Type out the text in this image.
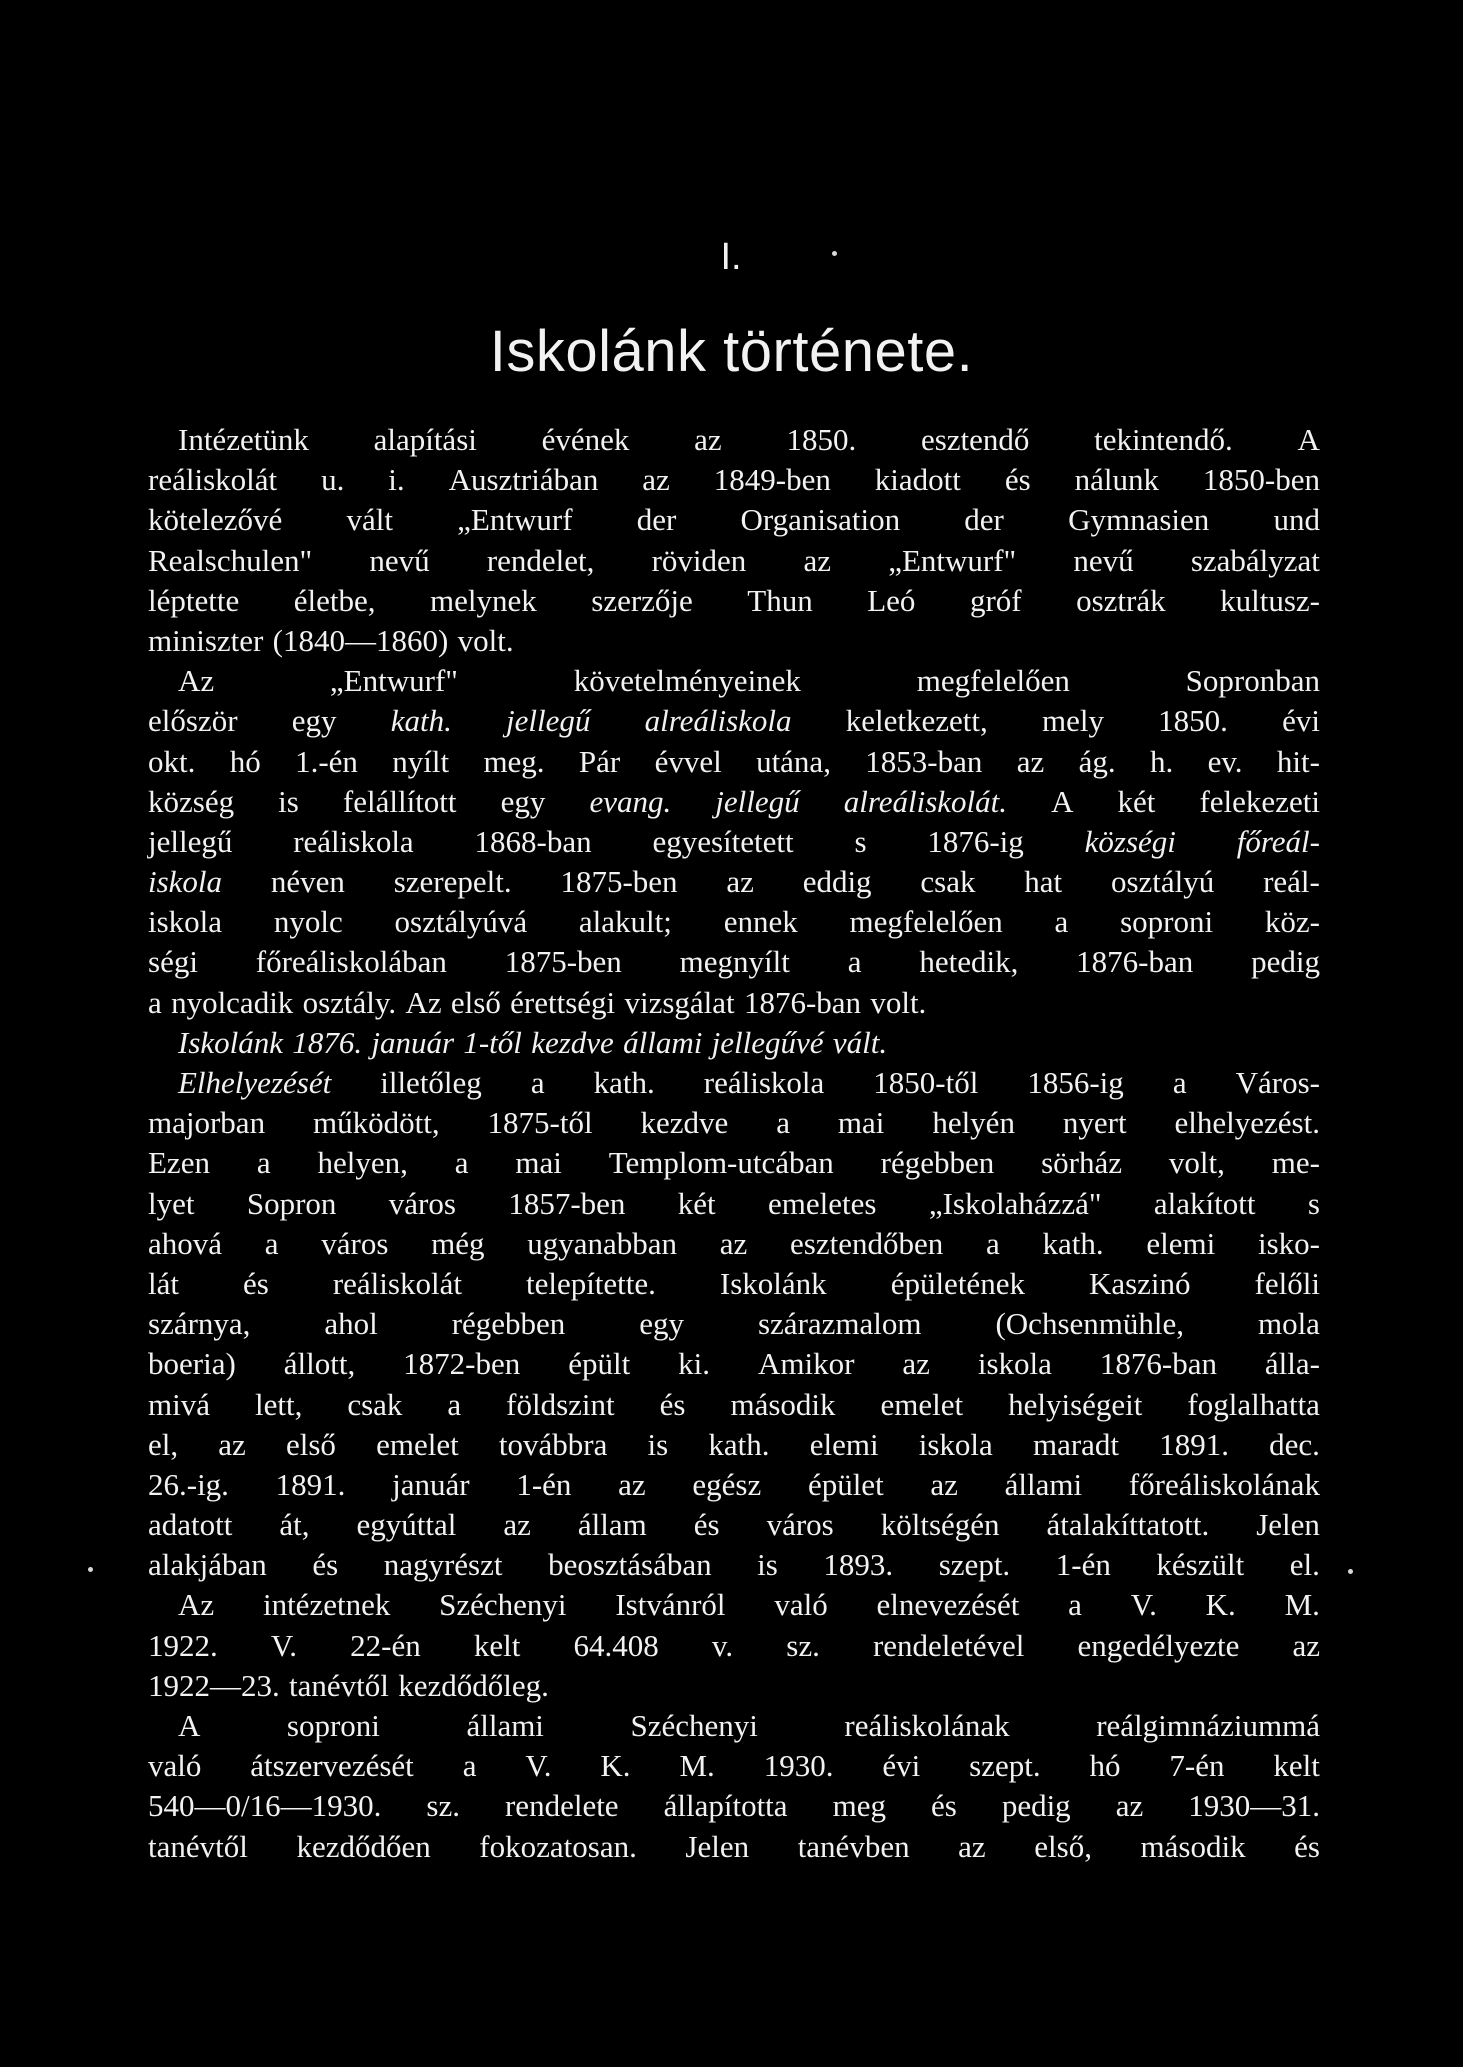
I.
Iskolánk története.
Intézetünk alapítási évének az 1850. esztendő tekintendő. A
reáliskolát u. i. Ausztriában az 1849-ben kiadott és nálunk 1850-ben
kötelezővé vált „Entwurf der Organisation der Gymnasien und
Realschulen" nevű rendelet, röviden az „Entwurf" nevű szabályzat
léptette életbe, melynek szerzője Thun Leó gróf osztrák kultusz-
miniszter (1840—1860) volt.
Az	„Entwurf"	követelményeinek	megfelelően	Sopronban
először egy kath. jellegű alreáliskola keletkezett, mely 1850. évi
okt. hó 1.-én nyílt meg. Pár évvel utána, 1853-ban az ág. h. ev. hit-
község is felállított egy evang. jellegű alreáliskolát. A két felekezeti
jellegű reáliskola 1868-ban egyesítetett s 1876-ig községi főreál-
iskola néven szerepelt. 1875-ben az eddig csak hat osztályú reál-
iskola nyolc osztályúvá alakult; ennek megfelelően a soproni köz-
ségi főreáliskolában 1875-ben megnyílt a hetedik, 1876-ban pedig
a nyolcadik osztály. Az első érettségi vizsgálat 1876-ban volt.
Iskolánk 1876. január 1-től kezdve állami jellegűvé vált.
Elhelyezését illetőleg a kath. reáliskola 1850-től 1856-ig a Város-
majorban működött, 1875-től kezdve a mai helyén nyert elhelyezést.
Ezen a helyen, a mai Templom-utcában régebben sörház volt, me-
lyet Sopron város 1857-ben két emeletes „Iskolaházzá" alakított s
ahová a város még ugyanabban az esztendőben a kath. elemi isko-
lát és reáliskolát telepítette. Iskolánk épületének Kaszinó felőli
szárnya, ahol régebben egy szárazmalom (Ochsenmühle, mola
boeria) állott, 1872-ben épült ki. Amikor az iskola 1876-ban álla-
mivá lett, csak a földszint és második emelet helyiségeit foglalhatta
el, az első emelet továbbra is kath. elemi iskola maradt 1891. dec.
26.-ig. 1891. január 1-én az egész épület az állami főreáliskolának
adatott át, egyúttal az állam és város költségén átalakíttatott. Jelen
alakjában és nagyrészt beosztásában is 1893. szept. 1-én készült el.
Az intézetnek Széchenyi Istvánról való elnevezését a V. K. M.
1922. V. 22-én kelt 64.408 v. sz. rendeletével engedélyezte az
1922—23. tanévtől kezdődőleg.
A	soproni	állami	Széchenyi	reáliskolának	reálgimnáziummá
való átszervezését a V. K. M. 1930. évi szept. hó 7-én kelt
540—0/16—1930. sz. rendelete állapította meg és pedig az 1930—31.
tanévtől kezdődően fokozatosan. Jelen tanévben az első, második és
